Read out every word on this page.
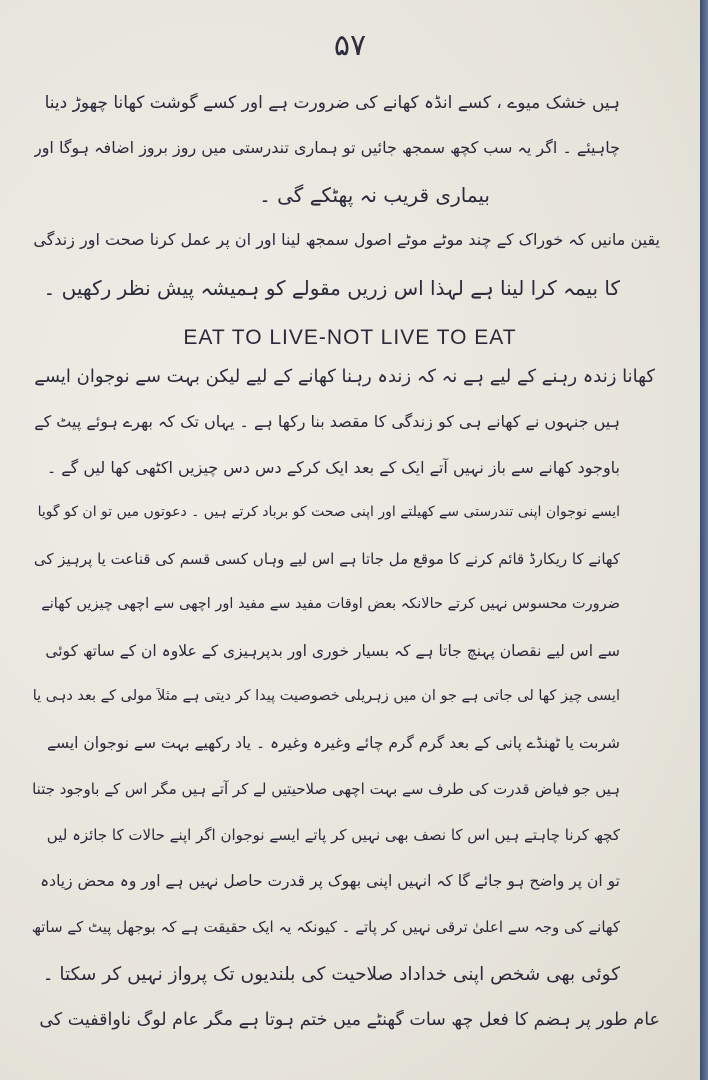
۵۷
ہیں خشک میوے ، کسے انڈہ کھانے کی ضرورت ہے اور کسے گوشت کھانا چھوڑ دینا
چاہیئے ۔ اگر یہ سب کچھ سمجھ جائیں تو ہماری تندرستی میں روز بروز اضافہ ہوگا اور
بیماری قریب نہ پھٹکے گی ۔
یقین مانیں کہ خوراک کے چند موٹے موٹے اصول سمجھ لینا اور ان پر عمل کرنا صحت اور زندگی
کا بیمہ کرا لینا ہے لہذا اس زریں مقولے کو ہمیشہ پیش نظر رکھیں ۔
EAT TO LIVE-NOT LIVE TO EAT
کھانا زندہ رہنے کے لیے ہے نہ کہ زندہ رہنا کھانے کے لیے لیکن بہت سے نوجوان ایسے
ہیں جنہوں نے کھانے ہی کو زندگی کا مقصد بنا رکھا ہے ۔ یہاں تک کہ بھرے ہوئے پیٹ کے
باوجود کھانے سے باز نہیں آتے ایک کے بعد ایک کرکے دس دس چیزیں اکٹھی کھا لیں گے ۔
ایسے نوجوان اپنی تندرستی سے کھیلتے اور اپنی صحت کو برباد کرتے ہیں ۔ دعوتوں میں تو ان کو گویا
کھانے کا ریکارڈ قائم کرنے کا موقع مل جاتا ہے اس لیے وہاں کسی قسم کی قناعت یا پرہیز کی
ضرورت محسوس نہیں کرتے حالانکہ بعض اوقات مفید سے مفید اور اچھی سے اچھی چیزیں کھانے
سے اس لیے نقصان پہنچ جاتا ہے کہ بسیار خوری اور بدپرہیزی کے علاوہ ان کے ساتھ کوئی
ایسی چیز کھا لی جاتی ہے جو ان میں زہریلی خصوصیت پیدا کر دیتی ہے مثلاً مولی کے بعد دہی یا
شربت یا ٹھنڈے پانی کے بعد گرم گرم چائے وغیرہ وغیرہ ۔ یاد رکھیے بہت سے نوجوان ایسے
ہیں جو فیاض قدرت کی طرف سے بہت اچھی صلاحیتیں لے کر آتے ہیں مگر اس کے باوجود جتنا
کچھ کرنا چاہتے ہیں اس کا نصف بھی نہیں کر پاتے ایسے نوجوان اگر اپنے حالات کا جائزہ لیں
تو ان پر واضح ہو جائے گا کہ انہیں اپنی بھوک پر قدرت حاصل نہیں ہے اور وہ محض زیادہ
کھانے کی وجہ سے اعلیٰ ترقی نہیں کر پاتے ۔ کیونکہ یہ ایک حقیقت ہے کہ بوجھل پیٹ کے ساتھ
کوئی بھی شخص اپنی خداداد صلاحیت کی بلندیوں تک پرواز نہیں کر سکتا ۔
عام طور پر ہضم کا فعل چھ سات گھنٹے میں ختم ہوتا ہے مگر عام لوگ ناواقفیت کی
